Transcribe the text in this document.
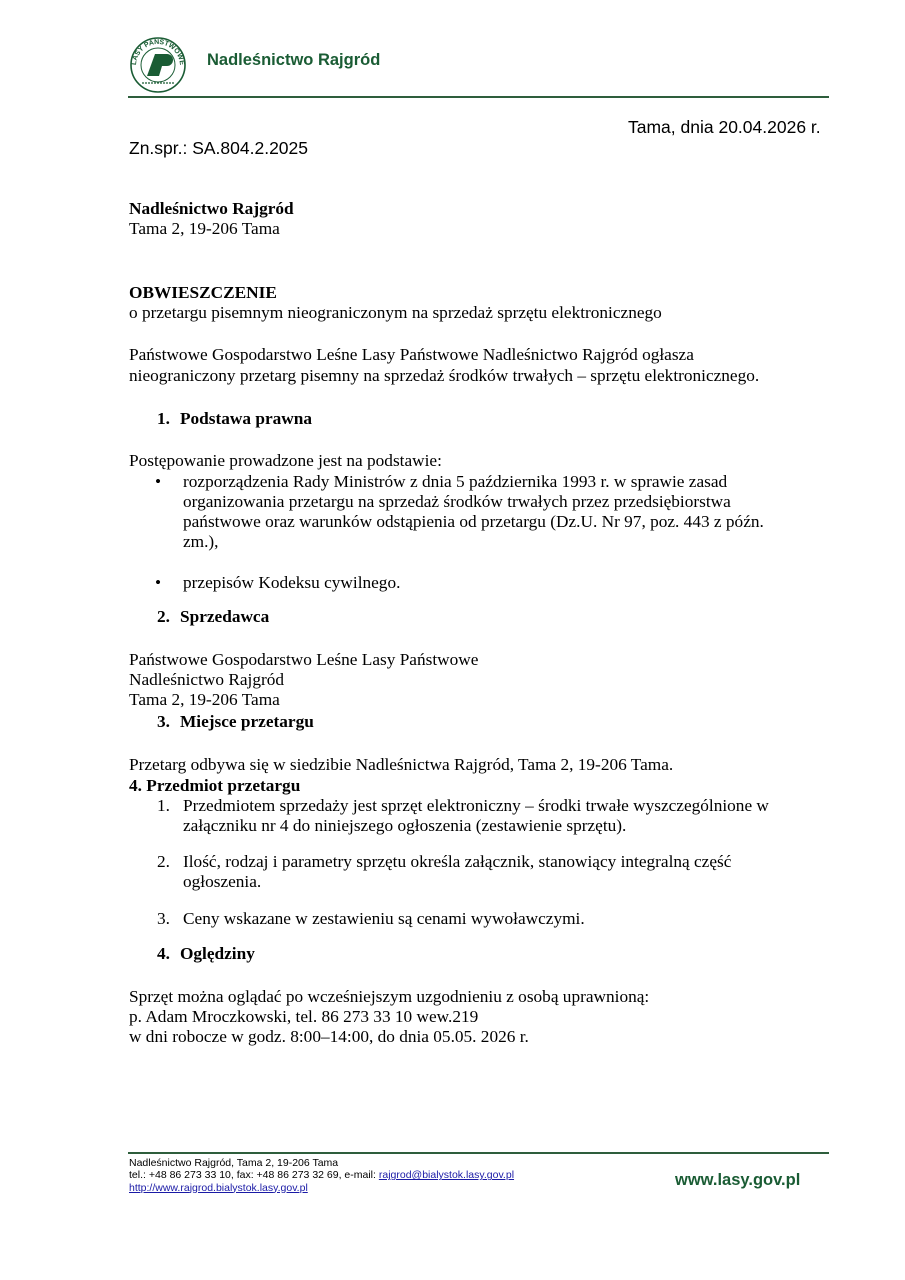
LASY PAŃSTWOWE Nadleśnictwo Rajgród
Tama, dnia 20.04.2026 r.
Zn.spr.: SA.804.2.2025
Nadleśnictwo Rajgród
Tama 2, 19-206 Tama
OBWIESZCZENIE
o przetargu pisemnym nieograniczonym na sprzedaż sprzętu elektronicznego
Państwowe Gospodarstwo Leśne Lasy Państwowe Nadleśnictwo Rajgród ogłasza
nieograniczony przetarg pisemny na sprzedaż środków trwałych – sprzętu elektronicznego.
1. Podstawa prawna
Postępowanie prowadzone jest na podstawie:
• rozporządzenia Rady Ministrów z dnia 5 października 1993 r. w sprawie zasad
organizowania przetargu na sprzedaż środków trwałych przez przedsiębiorstwa
państwowe oraz warunków odstąpienia od przetargu (Dz.U. Nr 97, poz. 443 z późn.
zm.),
• przepisów Kodeksu cywilnego.
2. Sprzedawca
Państwowe Gospodarstwo Leśne Lasy Państwowe
Nadleśnictwo Rajgród
Tama 2, 19-206 Tama
3. Miejsce przetargu
Przetarg odbywa się w siedzibie Nadleśnictwa Rajgród, Tama 2, 19-206 Tama.
4. Przedmiot przetargu
1. Przedmiotem sprzedaży jest sprzęt elektroniczny – środki trwałe wyszczególnione w
załączniku nr 4 do niniejszego ogłoszenia (zestawienie sprzętu).
2. Ilość, rodzaj i parametry sprzętu określa załącznik, stanowiący integralną część
ogłoszenia.
3. Ceny wskazane w zestawieniu są cenami wywoławczymi.
4. Oględziny
Sprzęt można oglądać po wcześniejszym uzgodnieniu z osobą uprawnioną:
p. Adam Mroczkowski, tel. 86 273 33 10 wew.219
w dni robocze w godz. 8:00–14:00, do dnia 05.05. 2026 r.
Nadleśnictwo Rajgród, Tama 2, 19-206 Tama
tel.: +48 86 273 33 10, fax: +48 86 273 32 69, e-mail: rajgrod@bialystok.lasy.gov.pl
http://www.rajgrod.bialystok.lasy.gov.pl	www.lasy.gov.pl
